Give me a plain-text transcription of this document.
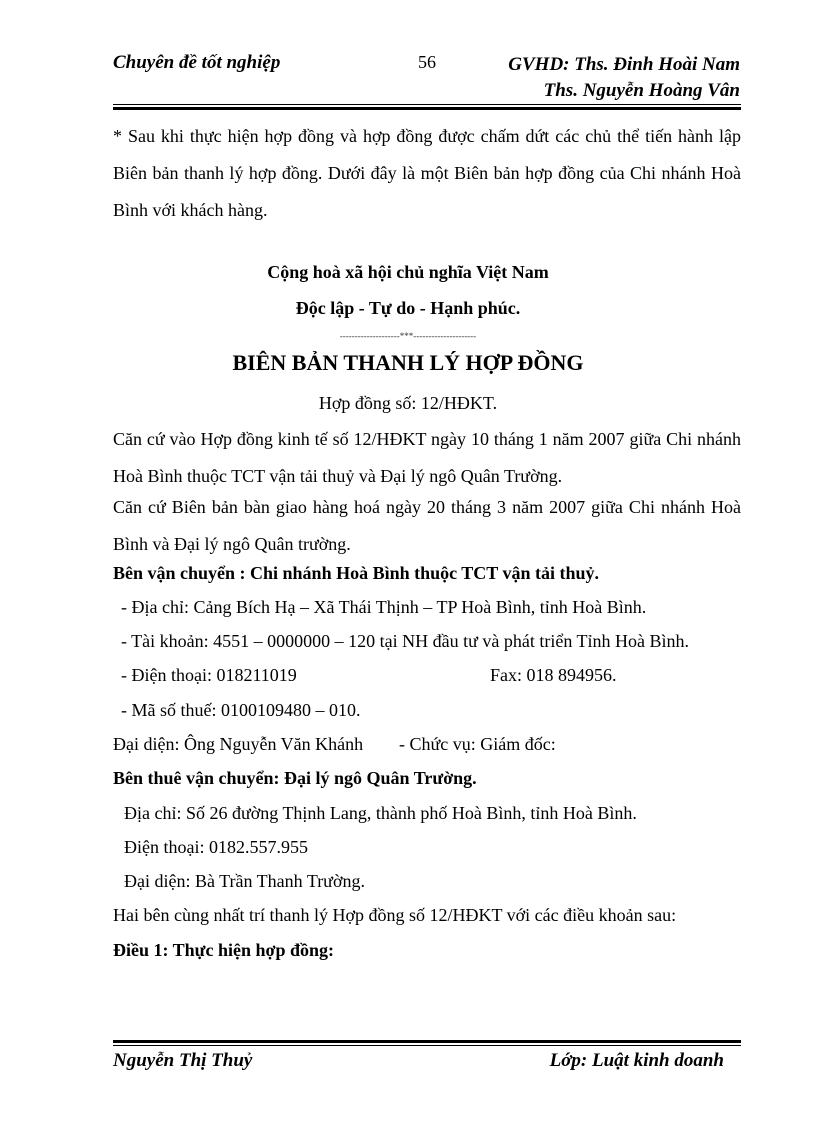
Chuyên đề tốt nghiệp	56	GVHD: Ths. Đinh Hoài Nam
Ths. Nguyễn Hoàng Vân
* Sau khi thực hiện hợp đồng và hợp đồng được chấm dứt các chủ thể tiến hành lập Biên bản thanh lý hợp đồng. Dưới đây là một Biên bản hợp đồng của Chi nhánh Hoà Bình với khách hàng.
Cộng hoà xã hội chủ nghĩa Việt Nam
Độc lập - Tự do - Hạnh phúc.
--------------------***---------------------
BIÊN BẢN THANH LÝ HỢP ĐỒNG
Hợp đồng số: 12/HĐKT.
Căn cứ vào Hợp đồng kinh tế số 12/HĐKT ngày 10 tháng 1 năm 2007 giữa Chi nhánh Hoà Bình thuộc TCT vận tải thuỷ và Đại lý ngô Quân Trường.
Căn cứ Biên bản bàn giao hàng hoá ngày 20 tháng 3 năm 2007 giữa Chi nhánh Hoà Bình và Đại lý ngô Quân trường.
Bên vận chuyển : Chi nhánh Hoà Bình thuộc TCT vận tải thuỷ.
- Địa chỉ: Cảng Bích Hạ – Xã Thái Thịnh – TP Hoà Bình, tỉnh Hoà Bình.
- Tài khoản: 4551 – 0000000 – 120 tại NH đầu tư và phát triển Tỉnh Hoà Bình.
- Điện thoại: 018211019	Fax: 018 894956.
- Mã số thuế: 0100109480 – 010.
Đại diện: Ông Nguyễn Văn Khánh - Chức vụ: Giám đốc:
Bên thuê vận chuyển: Đại lý ngô Quân Trường.
Địa chỉ: Số 26 đường Thịnh Lang, thành phố Hoà Bình, tỉnh Hoà Bình.
Điện thoại: 0182.557.955
Đại diện: Bà Trần Thanh Trường.
Hai bên cùng nhất trí thanh lý Hợp đồng số 12/HĐKT với các điều khoản sau:
Điều 1: Thực hiện hợp đồng:
Nguyễn Thị Thuỷ	Lớp: Luật kinh doanh
